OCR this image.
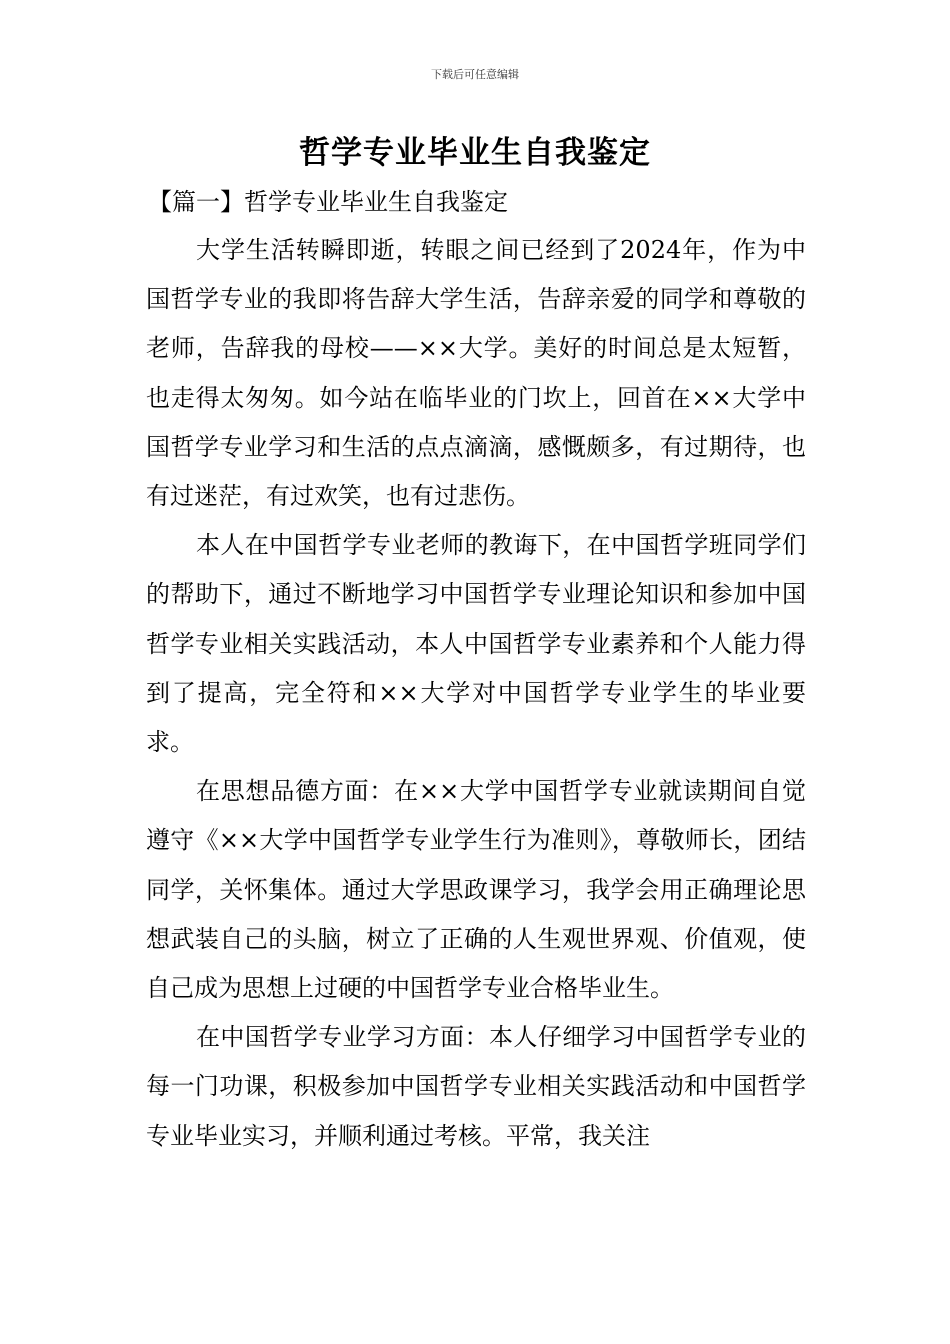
下载后可任意编辑
哲学专业毕业生自我鉴定
【篇一】哲学专业毕业生自我鉴定

大学生活转瞬即逝，转眼之间已经到了2024年，作为中国哲学专业的我即将告辞大学生活，告辞亲爱的同学和尊敬的老师，告辞我的母校——××大学。美好的时间总是太短暂，也走得太匆匆。如今站在临毕业的门坎上，回首在××大学中国哲学专业学习和生活的点点滴滴，感慨颇多，有过期待，也有过迷茫，有过欢笑，也有过悲伤。

本人在中国哲学专业老师的教诲下，在中国哲学班同学们的帮助下，通过不断地学习中国哲学专业理论知识和参加中国哲学专业相关实践活动，本人中国哲学专业素养和个人能力得到了提高，完全符和××大学对中国哲学专业学生的毕业要求。

在思想品德方面：在××大学中国哲学专业就读期间自觉遵守《××大学中国哲学专业学生行为准则》，尊敬师长，团结同学，关怀集体。通过大学思政课学习，我学会用正确理论思想武装自己的头脑，树立了正确的人生观世界观、价值观，使自己成为思想上过硬的中国哲学专业合格毕业生。

在中国哲学专业学习方面：本人仔细学习中国哲学专业的每一门功课，积极参加中国哲学专业相关实践活动和中国哲学专业毕业实习，并顺利通过考核。平常，我关注
